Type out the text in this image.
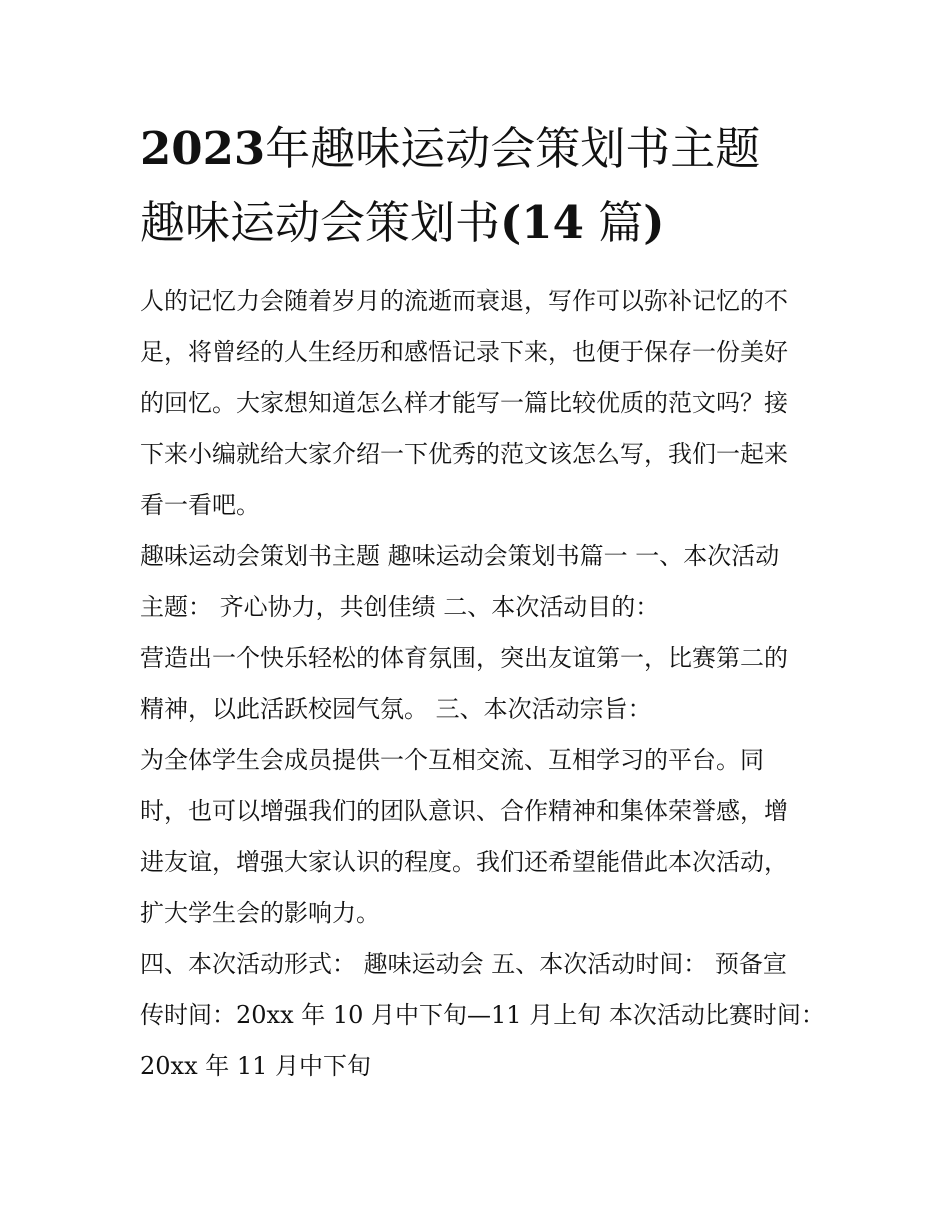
2023年趣味运动会策划书主题
趣味运动会策划书(14 篇)

人的记忆力会随着岁月的流逝而衰退，写作可以弥补记忆的不
足，将曾经的人生经历和感悟记录下来，也便于保存一份美好
的回忆。大家想知道怎么样才能写一篇比较优质的范文吗？接
下来小编就给大家介绍一下优秀的范文该怎么写，我们一起来
看一看吧。

趣味运动会策划书主题 趣味运动会策划书篇一 一、本次活动
主题： 齐心协力，共创佳绩 二、本次活动目的：

营造出一个快乐轻松的体育氛围，突出友谊第一，比赛第二的
精神，以此活跃校园气氛。 三、本次活动宗旨：

为全体学生会成员提供一个互相交流、互相学习的平台。同
时，也可以增强我们的团队意识、合作精神和集体荣誉感，增
进友谊，增强大家认识的程度。我们还希望能借此本次活动，
扩大学生会的影响力。

四、本次活动形式： 趣味运动会 五、本次活动时间： 预备宣
传时间：20xx 年 10 月中下旬—11 月上旬 本次活动比赛时间：
20xx 年 11 月中下旬
